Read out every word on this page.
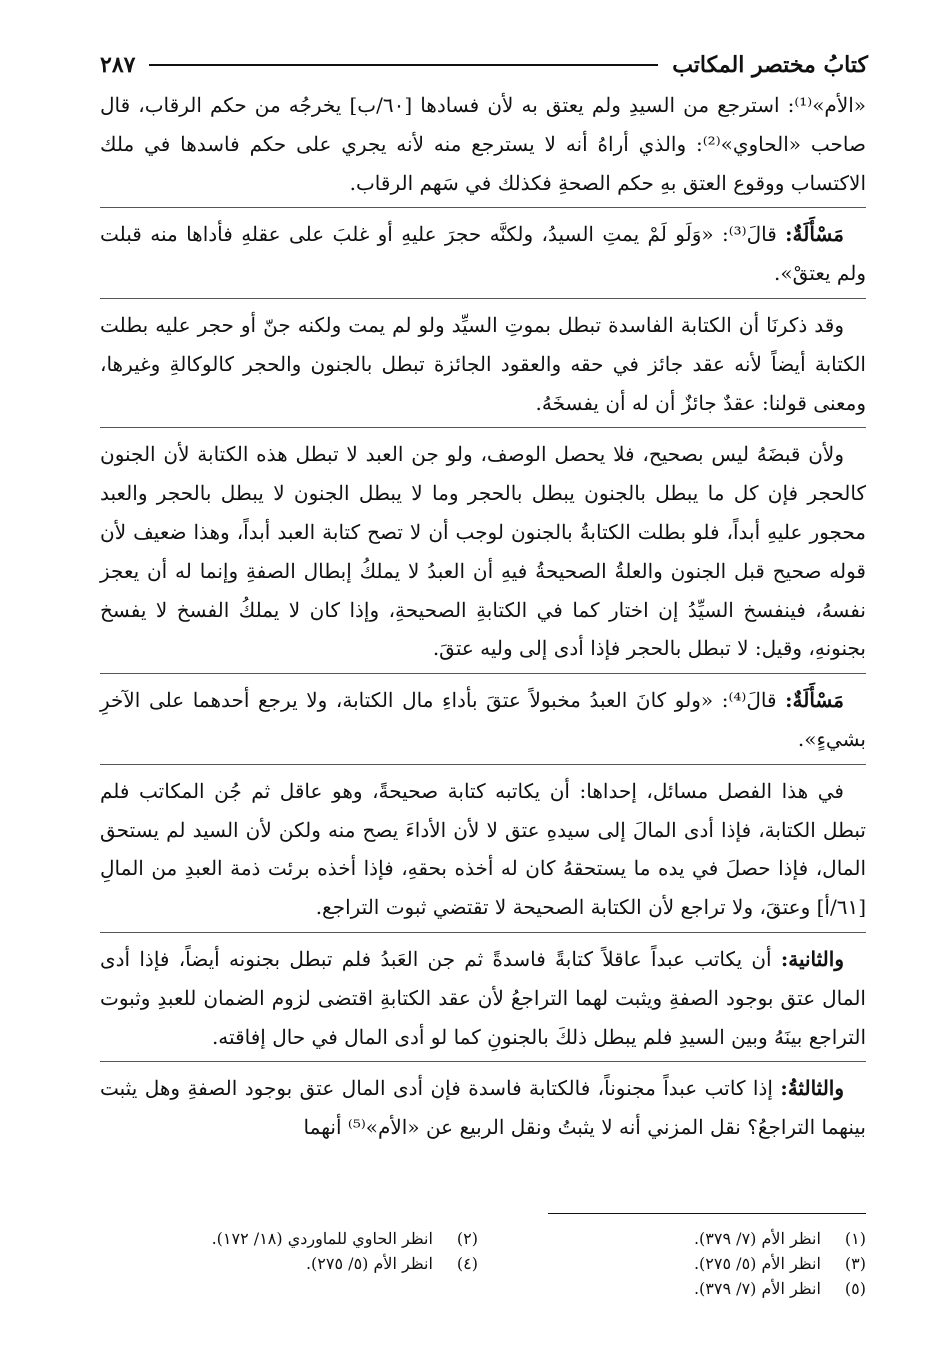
كتابُ مختصر المكاتب
٢٨٧

«الأم»⁽¹⁾: استرجع من السيدِ ولم يعتق به لأن فسادها [٦٠/ب] يخرجُه من حكم الرقاب، قال صاحب «الحاوي»⁽²⁾: والذي أراهُ أنه لا يسترجع منه لأنه يجري على حكم فاسدها في ملك الاكتساب ووقوع العتق بهِ حكم الصحةِ فكذلك في سَهم الرقاب.

مَسْأَلَةٌ: قالَ⁽³⁾: «وَلَو لَمْ يمتِ السيدُ، ولكنَّه حجرَ عليهِ أو غلبَ على عقلهِ فأداها منه قبلت ولم يعتقْ».

وقد ذكرنَا أن الكتابة الفاسدة تبطل بموتِ السيِّد ولو لم يمت ولكنه جنّ أو حجر عليه بطلت الكتابة أيضاً لأنه عقد جائز في حقه والعقود الجائزة تبطل بالجنون والحجر كالوكالةِ وغيرها، ومعنى قولنا: عقدٌ جائزٌ أن له أن يفسخَهُ.

ولأن قبضَهُ ليس بصحيح، فلا يحصل الوصف، ولو جن العبد لا تبطل هذه الكتابة لأن الجنون كالحجر فإن كل ما يبطل بالجنون يبطل بالحجر وما لا يبطل الجنون لا يبطل بالحجر والعبد محجور عليهِ أبداً، فلو بطلت الكتابةُ بالجنون لوجب أن لا تصح كتابة العبد أبداً، وهذا ضعيف لأن قوله صحيح قبل الجنون والعلةُ الصحيحةُ فيهِ أن العبدُ لا يملكُ إبطال الصفةِ وإنما له أن يعجز نفسهُ، فينفسخ السيِّدُ إن اختار كما في الكتابةِ الصحيحةِ، وإذا كان لا يملكُ الفسخ لا يفسخ بجنونهِ، وقيل: لا تبطل بالحجر فإذا أدى إلى وليه عتقَ.

مَسْأَلَةٌ: قالَ⁽⁴⁾: «ولو كانَ العبدُ مخبولاً عتقَ بأداءِ مال الكتابة، ولا يرجع أحدهما على الآخرِ بشيءٍ».

في هذا الفصل مسائل، إحداها: أن يكاتبه كتابة صحيحةً، وهو عاقل ثم جُن المكاتب فلم تبطل الكتابة، فإذا أدى المالَ إلى سيدهِ عتق لا لأن الأداءَ يصح منه ولكن لأن السيد لم يستحق المال، فإذا حصلَ في يده ما يستحقهُ كان له أخذه بحقهِ، فإذا أخذه برئت ذمة العبدِ من المالِ [٦١/أ] وعتقَ، ولا تراجع لأن الكتابة الصحيحة لا تقتضي ثبوت التراجع.

والثانية: أن يكاتب عبداً عاقلاً كتابةً فاسدةً ثم جن العَبدُ فلم تبطل بجنونه أيضاً، فإذا أدى المال عتق بوجود الصفةِ ويثبت لهما التراجعُ لأن عقد الكتابةِ اقتضى لزوم الضمان للعبدِ وثبوت التراجع بينَهُ وبين السيدِ فلم يبطل ذلكَ بالجنونِ كما لو أدى المال في حال إفاقته.

والثالثةُ: إذا كاتب عبداً مجنوناً، فالكتابة فاسدة فإن أدى المال عتق بوجود الصفةِ وهل يثبت بينهما التراجعُ؟ نقل المزني أنه لا يثبتُ ونقل الربيع عن «الأم»⁽⁵⁾ أنهما

(١) انظر الأم (٧/ ٣٧٩).
(٢) انظر الحاوي للماوردي (١٨/ ١٧٢).
(٣) انظر الأم (٥/ ٢٧٥).
(٤) انظر الأم (٥/ ٢٧٥).
(٥) انظر الأم (٧/ ٣٧٩).
